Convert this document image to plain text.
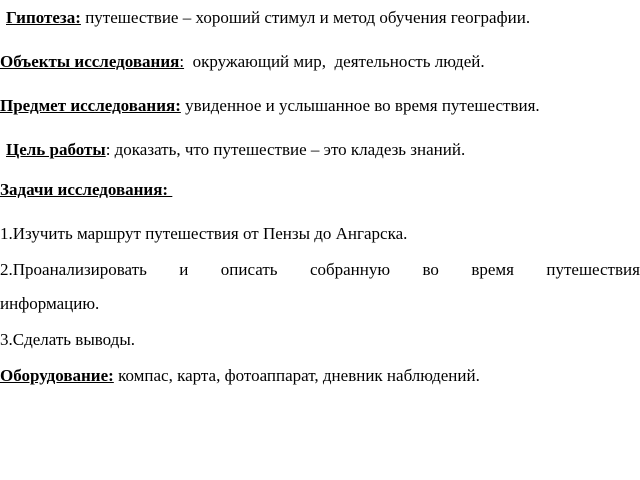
Гипотеза: путешествие – хороший стимул и метод обучения географии.
Объекты исследования:  окружающий мир,  деятельность людей.
Предмет исследования: увиденное и услышанное во время путешествия.
Цель работы: доказать, что путешествие – это кладезь знаний.
Задачи исследования:
1.Изучить маршрут путешествия от Пензы до Ангарска.
2.Проанализировать и описать собранную во время путешествия
информацию.
3.Сделать выводы.
Оборудование: компас, карта, фотоаппарат, дневник наблюдений.
